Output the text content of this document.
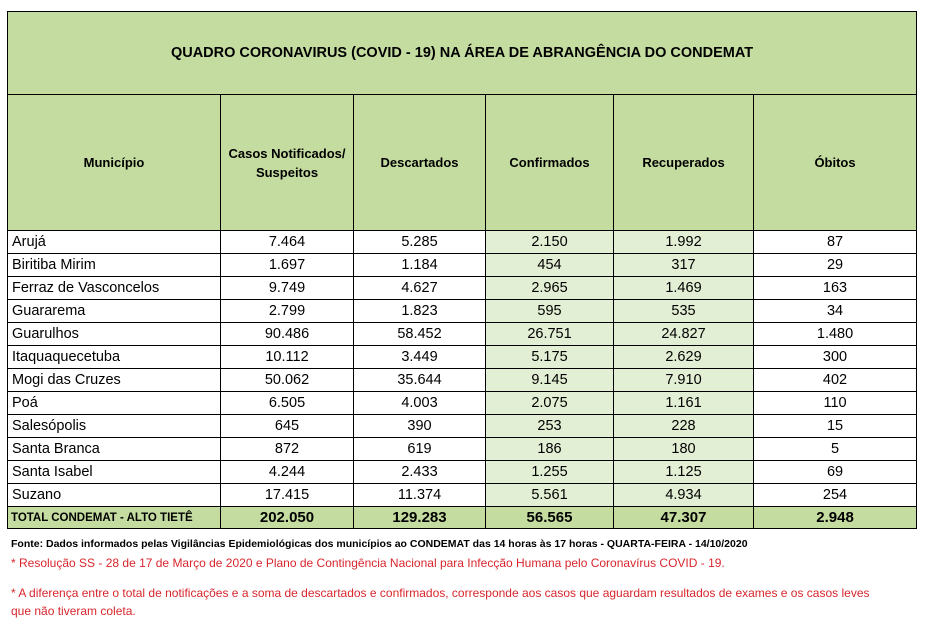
QUADRO CORONAVIRUS (COVID - 19) NA ÁREA DE ABRANGÊNCIA DO CONDEMAT					
Município	Casos Notificados/ Suspeitos	Descartados	Confirmados	Recuperados	Óbitos
Arujá	7.464	5.285	2.150	1.992	87
Biritiba Mirim	1.697	1.184	454	317	29
Ferraz de Vasconcelos	9.749	4.627	2.965	1.469	163
Guararema	2.799	1.823	595	535	34
Guarulhos	90.486	58.452	26.751	24.827	1.480
Itaquaquecetuba	10.112	3.449	5.175	2.629	300
Mogi das Cruzes	50.062	35.644	9.145	7.910	402
Poá	6.505	4.003	2.075	1.161	110
Salesópolis	645	390	253	228	15
Santa Branca	872	619	186	180	5
Santa Isabel	4.244	2.433	1.255	1.125	69
Suzano	17.415	11.374	5.561	4.934	254
TOTAL CONDEMAT - ALTO TIETÊ	202.050	129.283	56.565	47.307	2.948
Fonte: Dados informados pelas Vigilâncias Epidemiológicas dos municípios ao CONDEMAT das 14 horas às 17 horas - QUARTA-FEIRA - 14/10/2020
* Resolução SS - 28 de 17 de Março de 2020 e Plano de Contingência Nacional para Infecção Humana pelo Coronavírus COVID - 19.
* A diferença entre o total de notificações e a soma de descartados e confirmados, corresponde aos casos que aguardam resultados de exames e os casos leves que não tiveram coleta.
